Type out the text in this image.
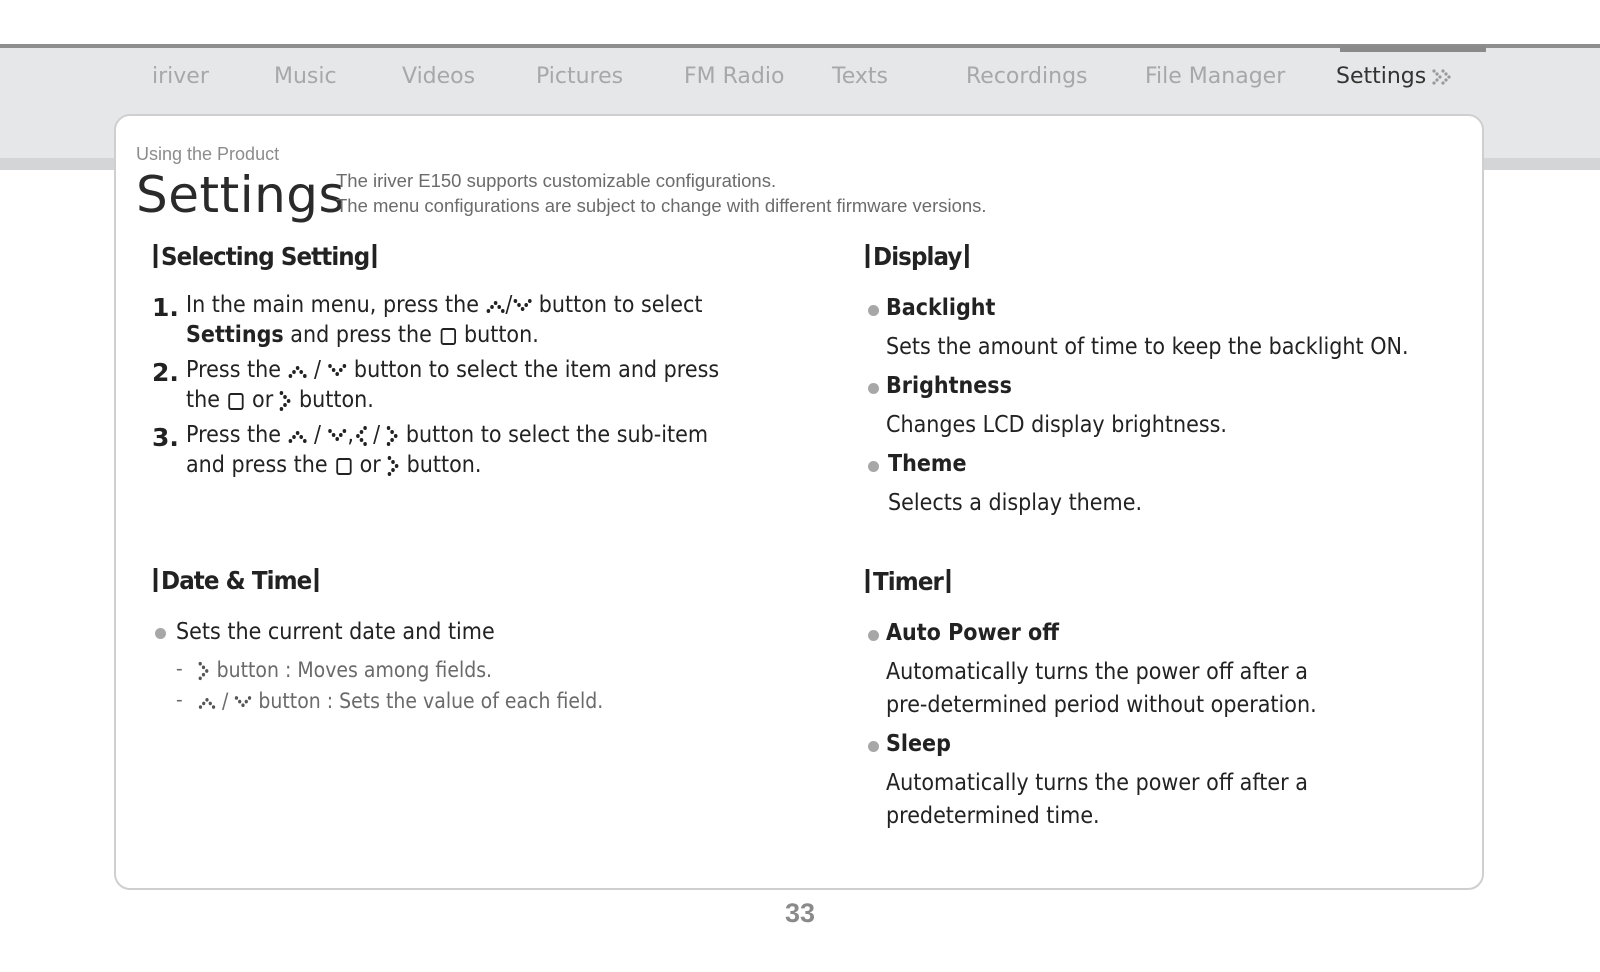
iriver	Music	Videos	Pictures	FM Radio Texts	Recordings	File Manager Settings
Using the Product
Settings
The iriver E150 supports customizable configurations.
The menu configurations are subject to change with different firmware versions.
Selecting Setting
1. In the main menu, press the / button to select
Settings and press the button.
2. Press the  /  button to select the item and press
the or button.
3. Press the  / , /  button to select the sub-item
and press the or button.
Date & Time
Sets the current date and time
-	button : Moves among fields.
-	/  button : Sets the value of each field.
Display
Backlight
Sets the amount of time to keep the backlight ON.
Brightness
Changes LCD display brightness.
Theme
Selects a display theme.
Timer
Auto Power off
Automatically turns the power off after a
pre-determined period without operation.
Sleep
Automatically turns the power off after a
predetermined time.
33
